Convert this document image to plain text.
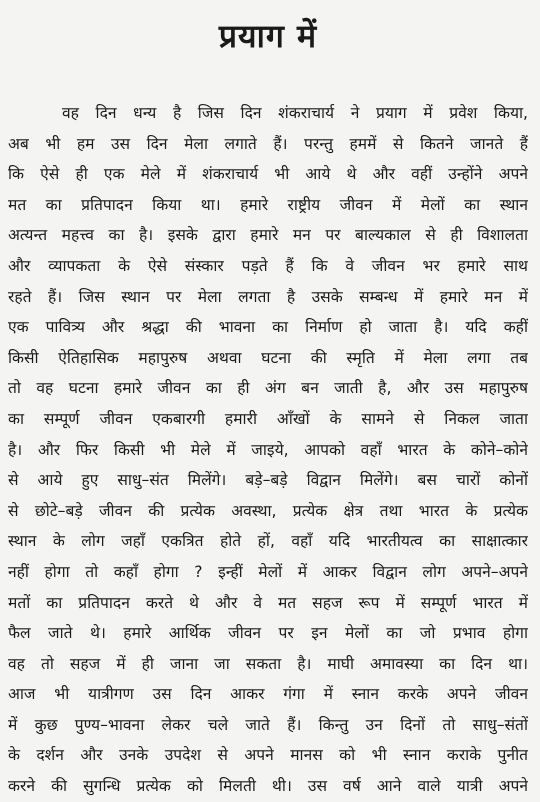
प्रयाग में
वह दिन धन्य है जिस दिन शंकराचार्य ने प्रयाग में प्रवेश किया,
अब भी हम उस दिन मेला लगाते हैं। परन्तु हममें से कितने जानते हैं
कि ऐसे ही एक मेले में शंकराचार्य भी आये थे और वहीं उन्होंने अपने
मत का प्रतिपादन किया था। हमारे राष्ट्रीय जीवन में मेलों का स्थान
अत्यन्त महत्त्व का है। इसके द्वारा हमारे मन पर बाल्यकाल से ही विशालता
और व्यापकता के ऐसे संस्कार पड़ते हैं कि वे जीवन भर हमारे साथ
रहते हैं। जिस स्थान पर मेला लगता है उसके सम्बन्ध में हमारे मन में
एक पावित्र्य और श्रद्धा की भावना का निर्माण हो जाता है। यदि कहीं
किसी ऐतिहासिक महापुरुष अथवा घटना की स्मृति में मेला लगा तब
तो वह घटना हमारे जीवन का ही अंग बन जाती है, और उस महापुरुष
का सम्पूर्ण जीवन एकबारगी हमारी आँखों के सामने से निकल जाता
है। और फिर किसी भी मेले में जाइये, आपको वहाँ भारत के कोने–कोने
से आये हुए साधु–संत मिलेंगे। बड़े–बड़े विद्वान मिलेंगे। बस चारों कोनों
से छोटे–बड़े जीवन की प्रत्येक अवस्था, प्रत्येक क्षेत्र तथा भारत के प्रत्येक
स्थान के लोग जहाँ एकत्रित होते हों, वहाँ यदि भारतीयत्व का साक्षात्कार
नहीं होगा तो कहाँ होगा ? इन्हीं मेलों में आकर विद्वान लोग अपने–अपने
मतों का प्रतिपादन करते थे और वे मत सहज रूप में सम्पूर्ण भारत में
फैल जाते थे। हमारे आर्थिक जीवन पर इन मेलों का जो प्रभाव होगा
वह तो सहज में ही जाना जा सकता है। माघी अमावस्या का दिन था।
आज भी यात्रीगण उस दिन आकर गंगा में स्नान करके अपने जीवन
में कुछ पुण्य–भावना लेकर चले जाते हैं। किन्तु उन दिनों तो साधु–संतों
के दर्शन और उनके उपदेश से अपने मानस को भी स्नान कराके पुनीत
करने की सुगन्धि प्रत्येक को मिलती थी। उस वर्ष आने वाले यात्री अपने
